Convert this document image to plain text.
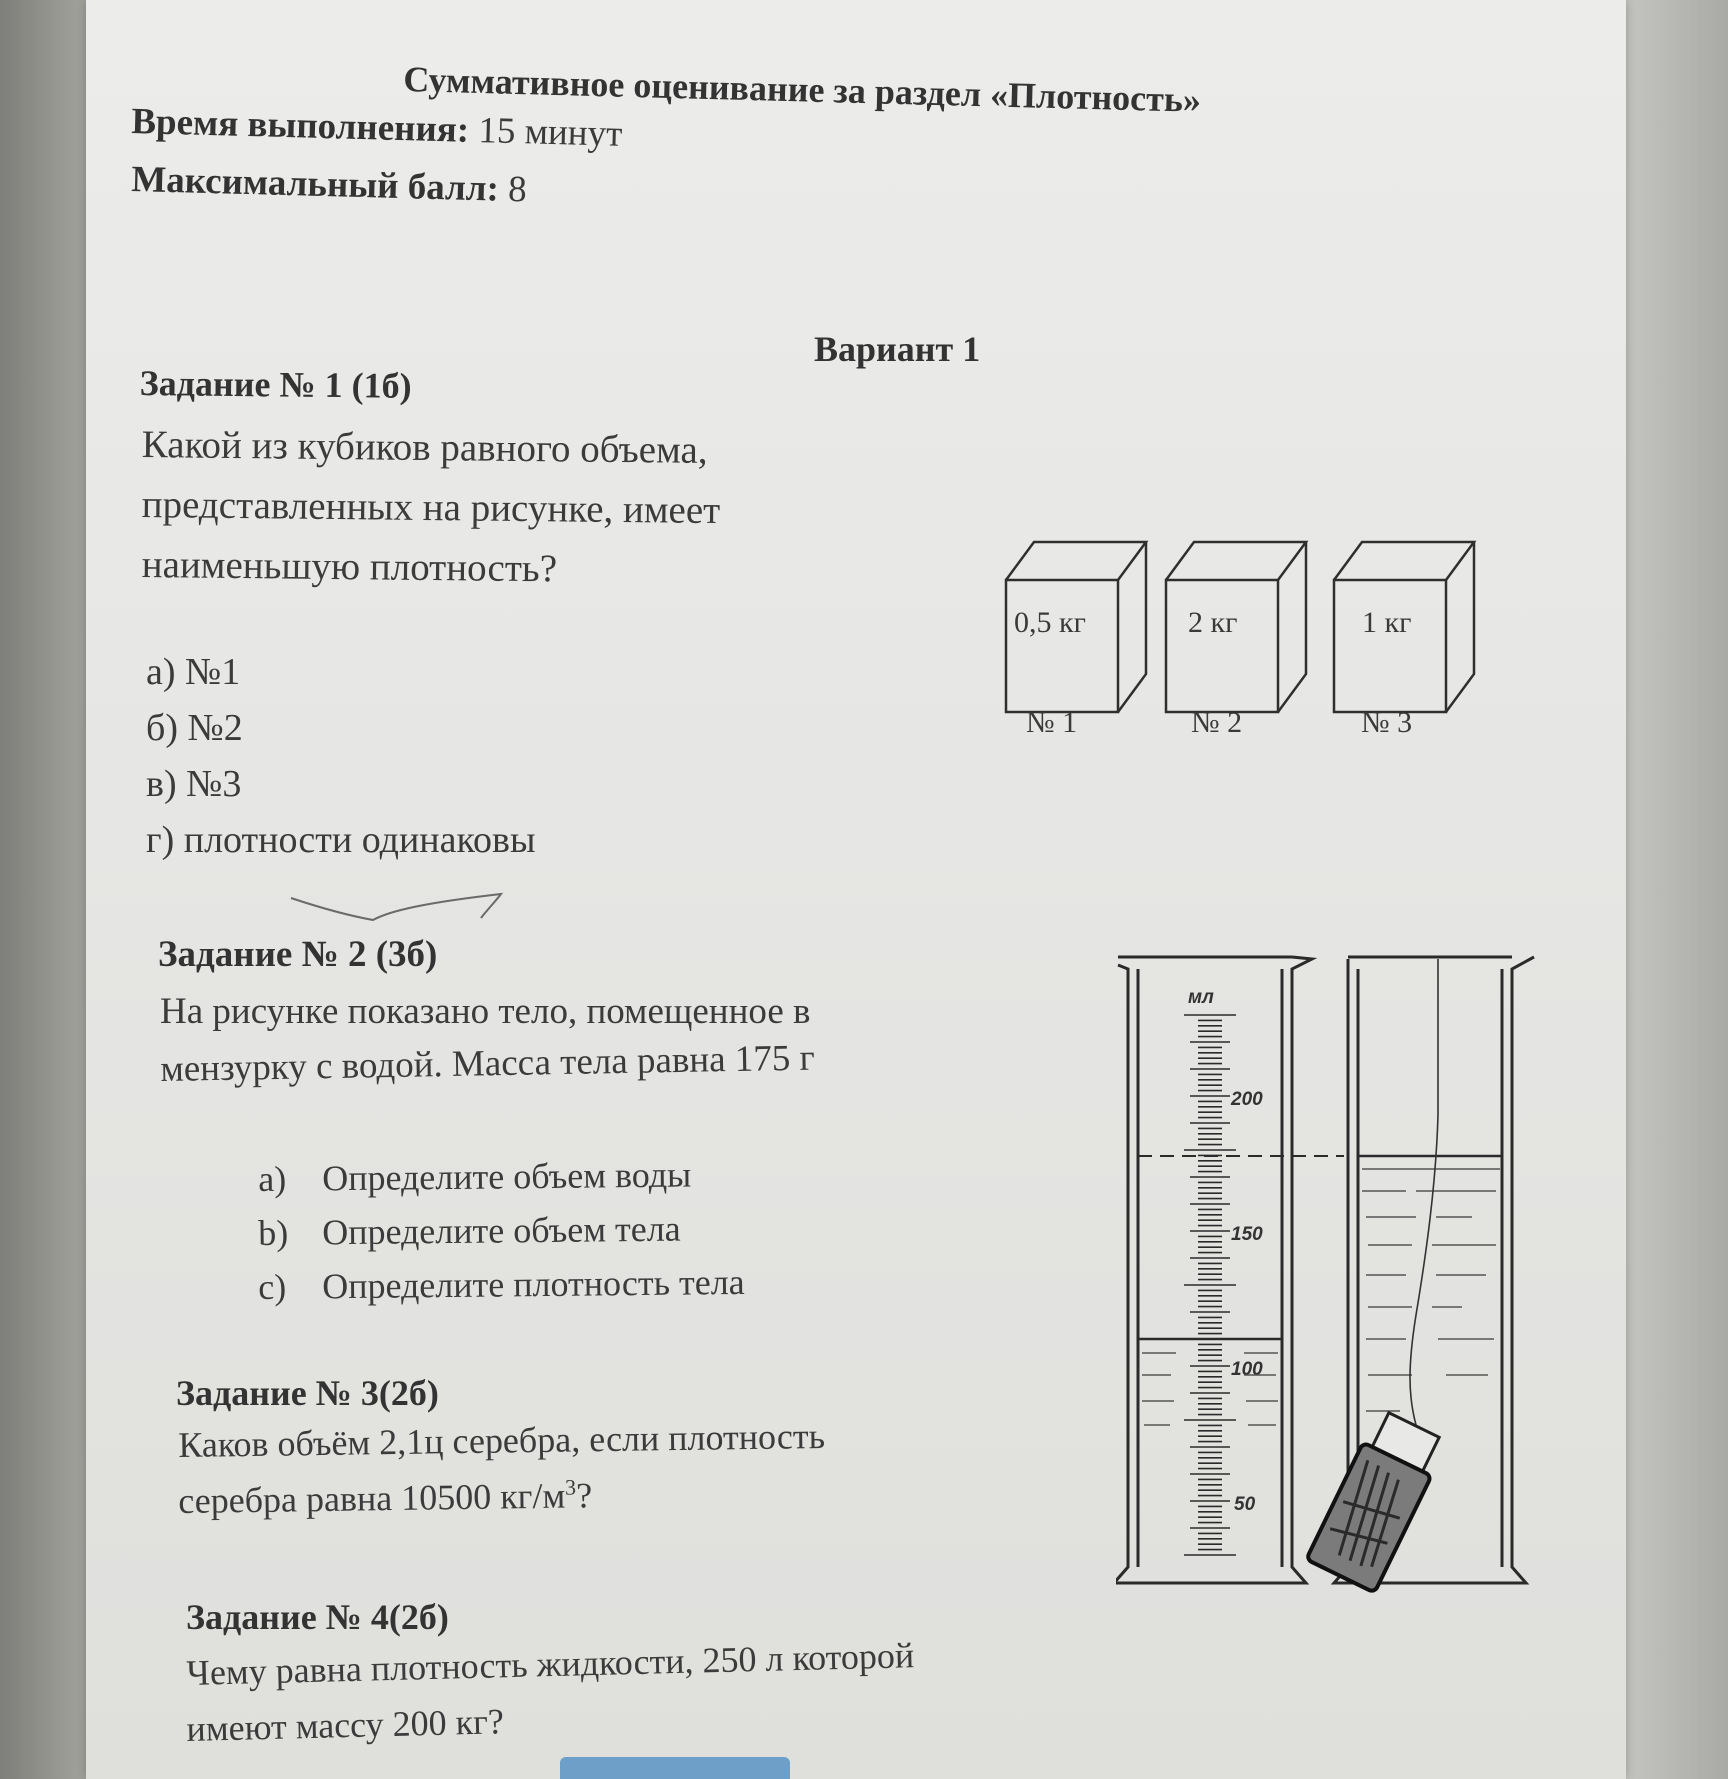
Суммативное оценивание за раздел «Плотность»
Время выполнения: 15 минут
Максимальный балл: 8
Вариант 1
Задание № 1 (1б)
Какой из кубиков равного объема,
представленных на рисунке, имеет
наименьшую плотность?
а) №1
б) №2
в) №3
г) плотности одинаковы
0,5 кг	2 кг	1 кг
№ 1	№ 2	№ 3
Задание № 2 (3б)
На рисунке показано тело, помещенное в
мензурку с водой. Масса тела равна 175 г
a) Определите объем воды
b) Определите объем тела
c) Определите плотность тела
мл
200
150
100
50
Задание № 3(2б)
Каков объём 2,1ц серебра, если плотность
серебра равна 10500 $кг/м^3$?
Задание № 4(2б)
Чему равна плотность жидкости, 250 л которой
имеют массу 200 кг?
